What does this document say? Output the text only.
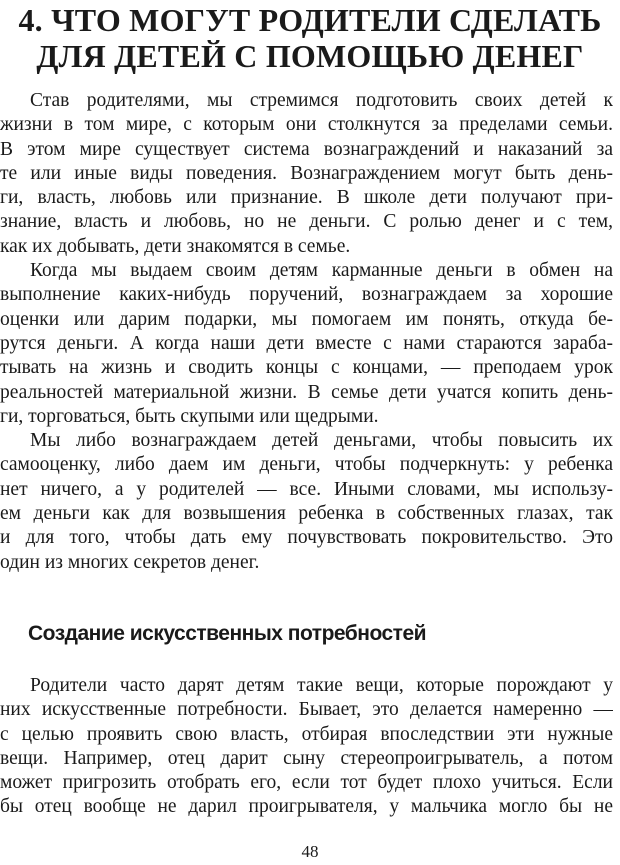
4. ЧТО МОГУТ РОДИТЕЛИ СДЕЛАТЬ
ДЛЯ ДЕТЕЙ С ПОМОЩЬЮ ДЕНЕГ
Став родителями, мы стремимся подготовить своих детей к
жизни в том мире, с которым они столкнутся за пределами семьи.
В этом мире существует система вознаграждений и наказаний за
те или иные виды поведения. Вознаграждением могут быть день-
ги, власть, любовь или признание. В школе дети получают при-
знание, власть и любовь, но не деньги. С ролью денег и с тем,
как их добывать, дети знакомятся в семье.
Когда мы выдаем своим детям карманные деньги в обмен на
выполнение каких-нибудь поручений, вознаграждаем за хорошие
оценки или дарим подарки, мы помогаем им понять, откуда бе-
рутся деньги. А когда наши дети вместе с нами стараются зараба-
тывать на жизнь и сводить концы с концами, — преподаем урок
реальностей материальной жизни. В семье дети учатся копить день-
ги, торговаться, быть скупыми или щедрыми.
Мы либо вознаграждаем детей деньгами, чтобы повысить их
самооценку, либо даем им деньги, чтобы подчеркнуть: у ребенка
нет ничего, а у родителей — все. Иными словами, мы использу-
ем деньги как для возвышения ребенка в собственных глазах, так
и для того, чтобы дать ему почувствовать покровительство. Это
один из многих секретов денег.
Создание искусственных потребностей
Родители часто дарят детям такие вещи, которые порождают у
них искусственные потребности. Бывает, это делается намеренно —
с целью проявить свою власть, отбирая впоследствии эти нужные
вещи. Например, отец дарит сыну стереопроигрыватель, а потом
может пригрозить отобрать его, если тот будет плохо учиться. Если
бы отец вообще не дарил проигрывателя, у мальчика могло бы не
48
